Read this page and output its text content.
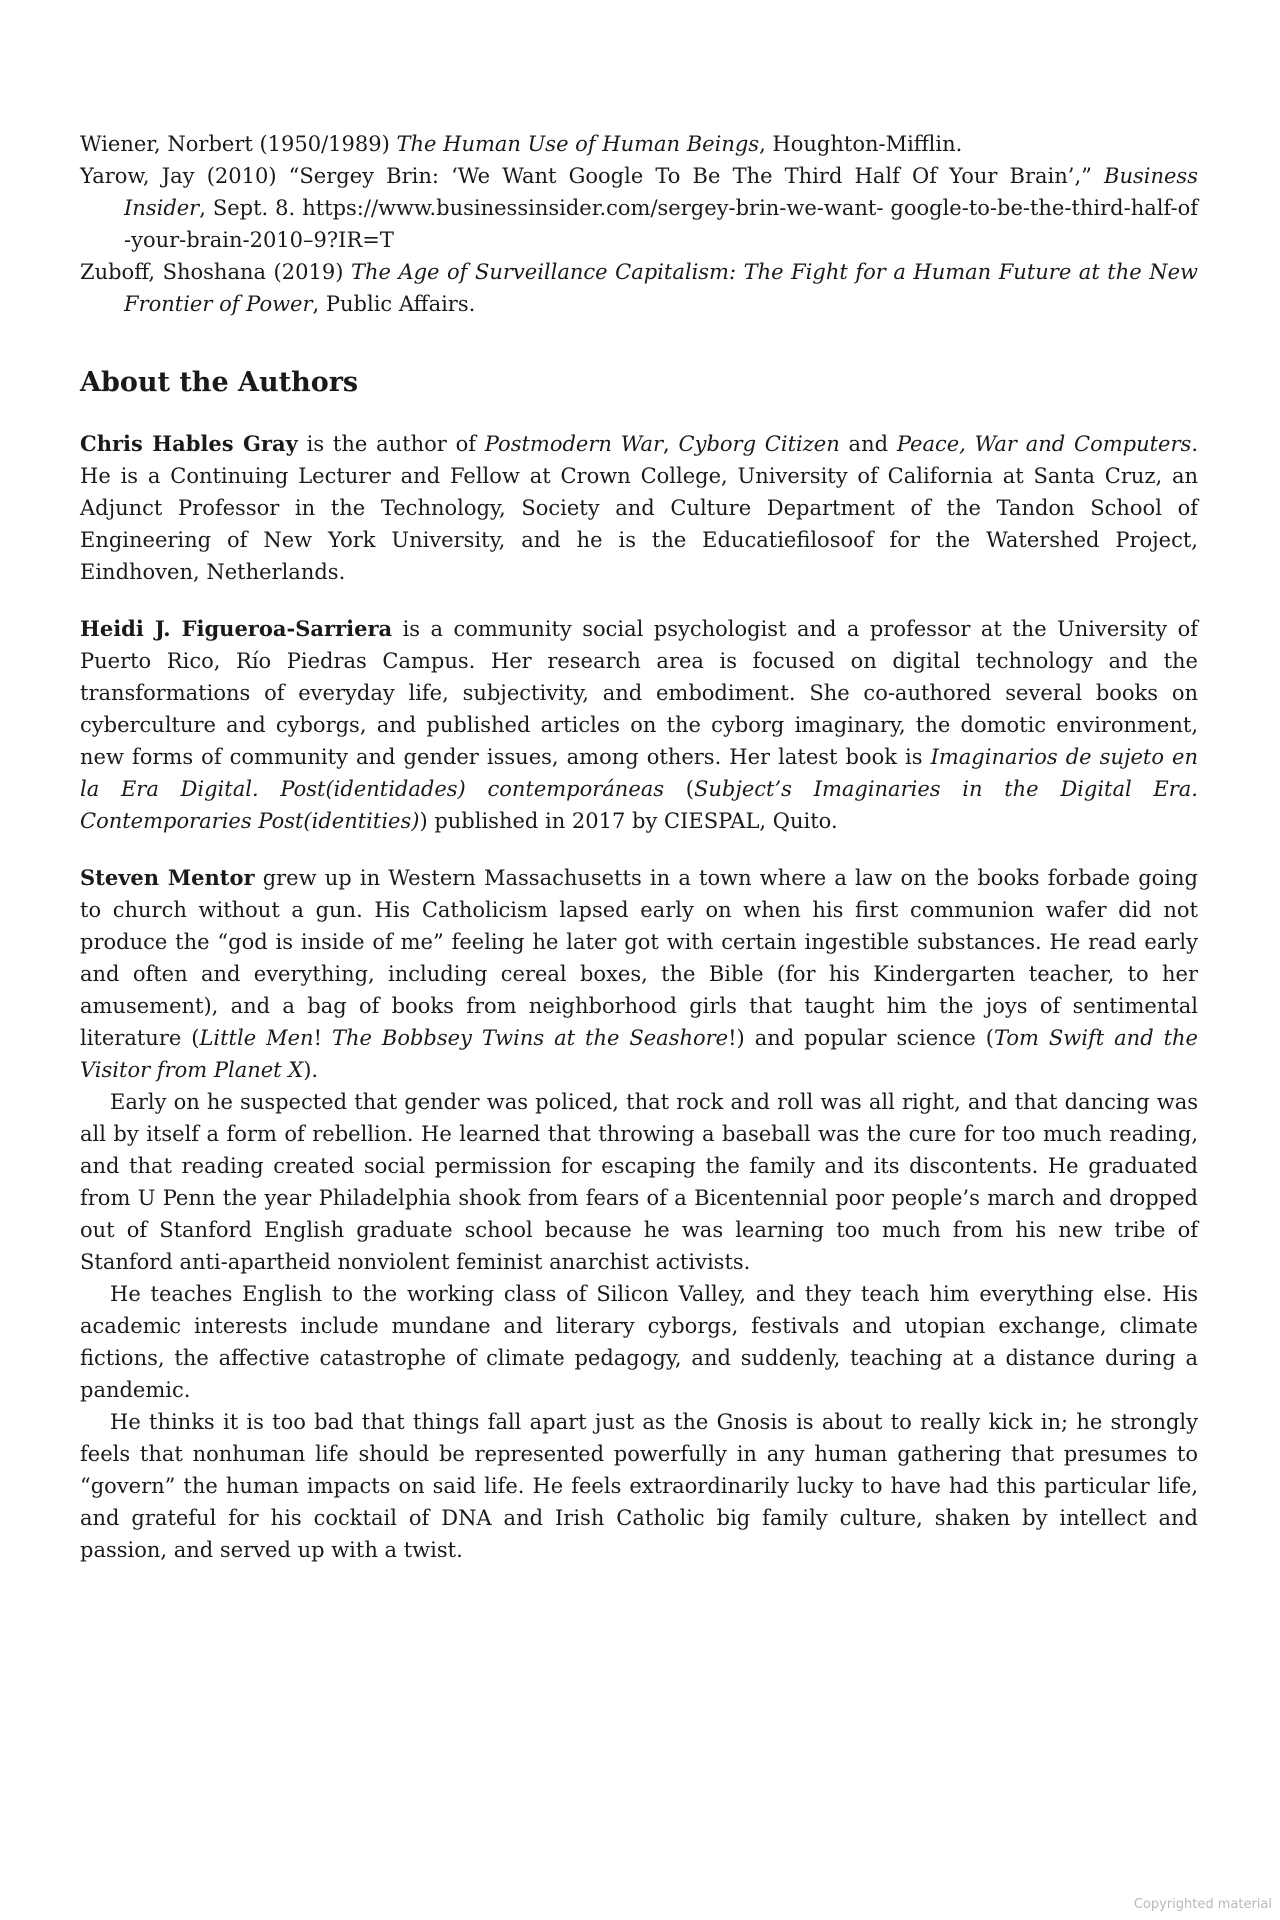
Wiener, Norbert (1950/1989) The Human Use of Human Beings, Houghton-Mifflin.

Yarow, Jay (2010) “Sergey Brin: ‘We Want Google To Be The Third Half Of Your Brain’,” Business Insider, Sept. 8. https://www.businessinsider.com/sergey-brin-we-want- google-to-be-the-third-half-of-your-brain-2010–9?IR=T

Zuboff, Shoshana (2019) The Age of Surveillance Capitalism: The Fight for a Human Future at the New Frontier of Power, Public Affairs.

About the Authors

Chris Hables Gray is the author of Postmodern War, Cyborg Citizen and Peace, War and Computers. He is a Continuing Lecturer and Fellow at Crown College, University of California at Santa Cruz, an Adjunct Professor in the Technology, Society and Culture Department of the Tandon School of Engineering of New York University, and he is the Educatiefilosoof for the Watershed Project, Eindhoven, Netherlands.

Heidi J. Figueroa-Sarriera is a community social psychologist and a professor at the University of Puerto Rico, Río Piedras Campus. Her research area is focused on digital technology and the transformations of everyday life, subjectivity, and embodiment. She co-authored several books on cyberculture and cyborgs, and published articles on the cyborg imaginary, the domotic environment, new forms of community and gender issues, among others. Her latest book is Imaginarios de sujeto en la Era Digital. Post(identidades) contemporáneas (Subject’s Imaginaries in the Digital Era. Contemporaries Post(identities)) published in 2017 by CIESPAL, Quito.

Steven Mentor grew up in Western Massachusetts in a town where a law on the books forbade going to church without a gun. His Catholicism lapsed early on when his first communion wafer did not produce the “god is inside of me” feeling he later got with certain ingestible substances. He read early and often and everything, including cereal boxes, the Bible (for his Kindergarten teacher, to her amusement), and a bag of books from neighborhood girls that taught him the joys of sentimental literature (Little Men! The Bobbsey Twins at the Seashore!) and popular science (Tom Swift and the Visitor from Planet X).

Early on he suspected that gender was policed, that rock and roll was all right, and that dancing was all by itself a form of rebellion. He learned that throwing a baseball was the cure for too much reading, and that reading created social permission for escaping the family and its discontents. He graduated from U Penn the year Philadelphia shook from fears of a Bicentennial poor people’s march and dropped out of Stanford English graduate school because he was learning too much from his new tribe of Stanford anti-apartheid nonviolent feminist anarchist activists.

He teaches English to the working class of Silicon Valley, and they teach him everything else. His academic interests include mundane and literary cyborgs, festivals and utopian exchange, climate fictions, the affective catastrophe of climate pedagogy, and suddenly, teaching at a distance during a pandemic.

He thinks it is too bad that things fall apart just as the Gnosis is about to really kick in; he strongly feels that nonhuman life should be represented powerfully in any human gathering that presumes to “govern” the human impacts on said life. He feels extraordinarily lucky to have had this particular life, and grateful for his cocktail of DNA and Irish Catholic big family culture, shaken by intellect and passion, and served up with a twist.

Copyrighted material
